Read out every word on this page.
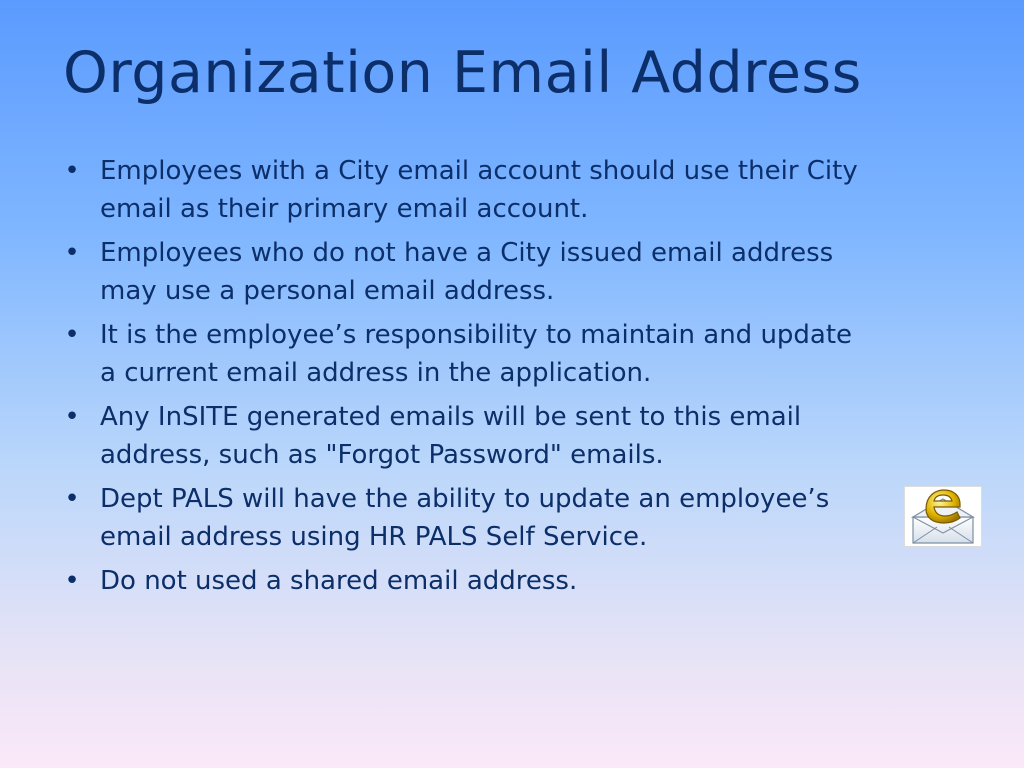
Organization Email Address
• Employees with a City email account should use their City email as their primary email account.
• Employees who do not have a City issued email address may use a personal email address.
• It is the employee’s responsibility to maintain and update a current email address in the application.
• Any InSITE generated emails will be sent to this email address, such as "Forgot Password" emails.
• Dept PALS will have the ability to update an employee’s email address using HR PALS Self Service.
• Do not used a shared email address.
